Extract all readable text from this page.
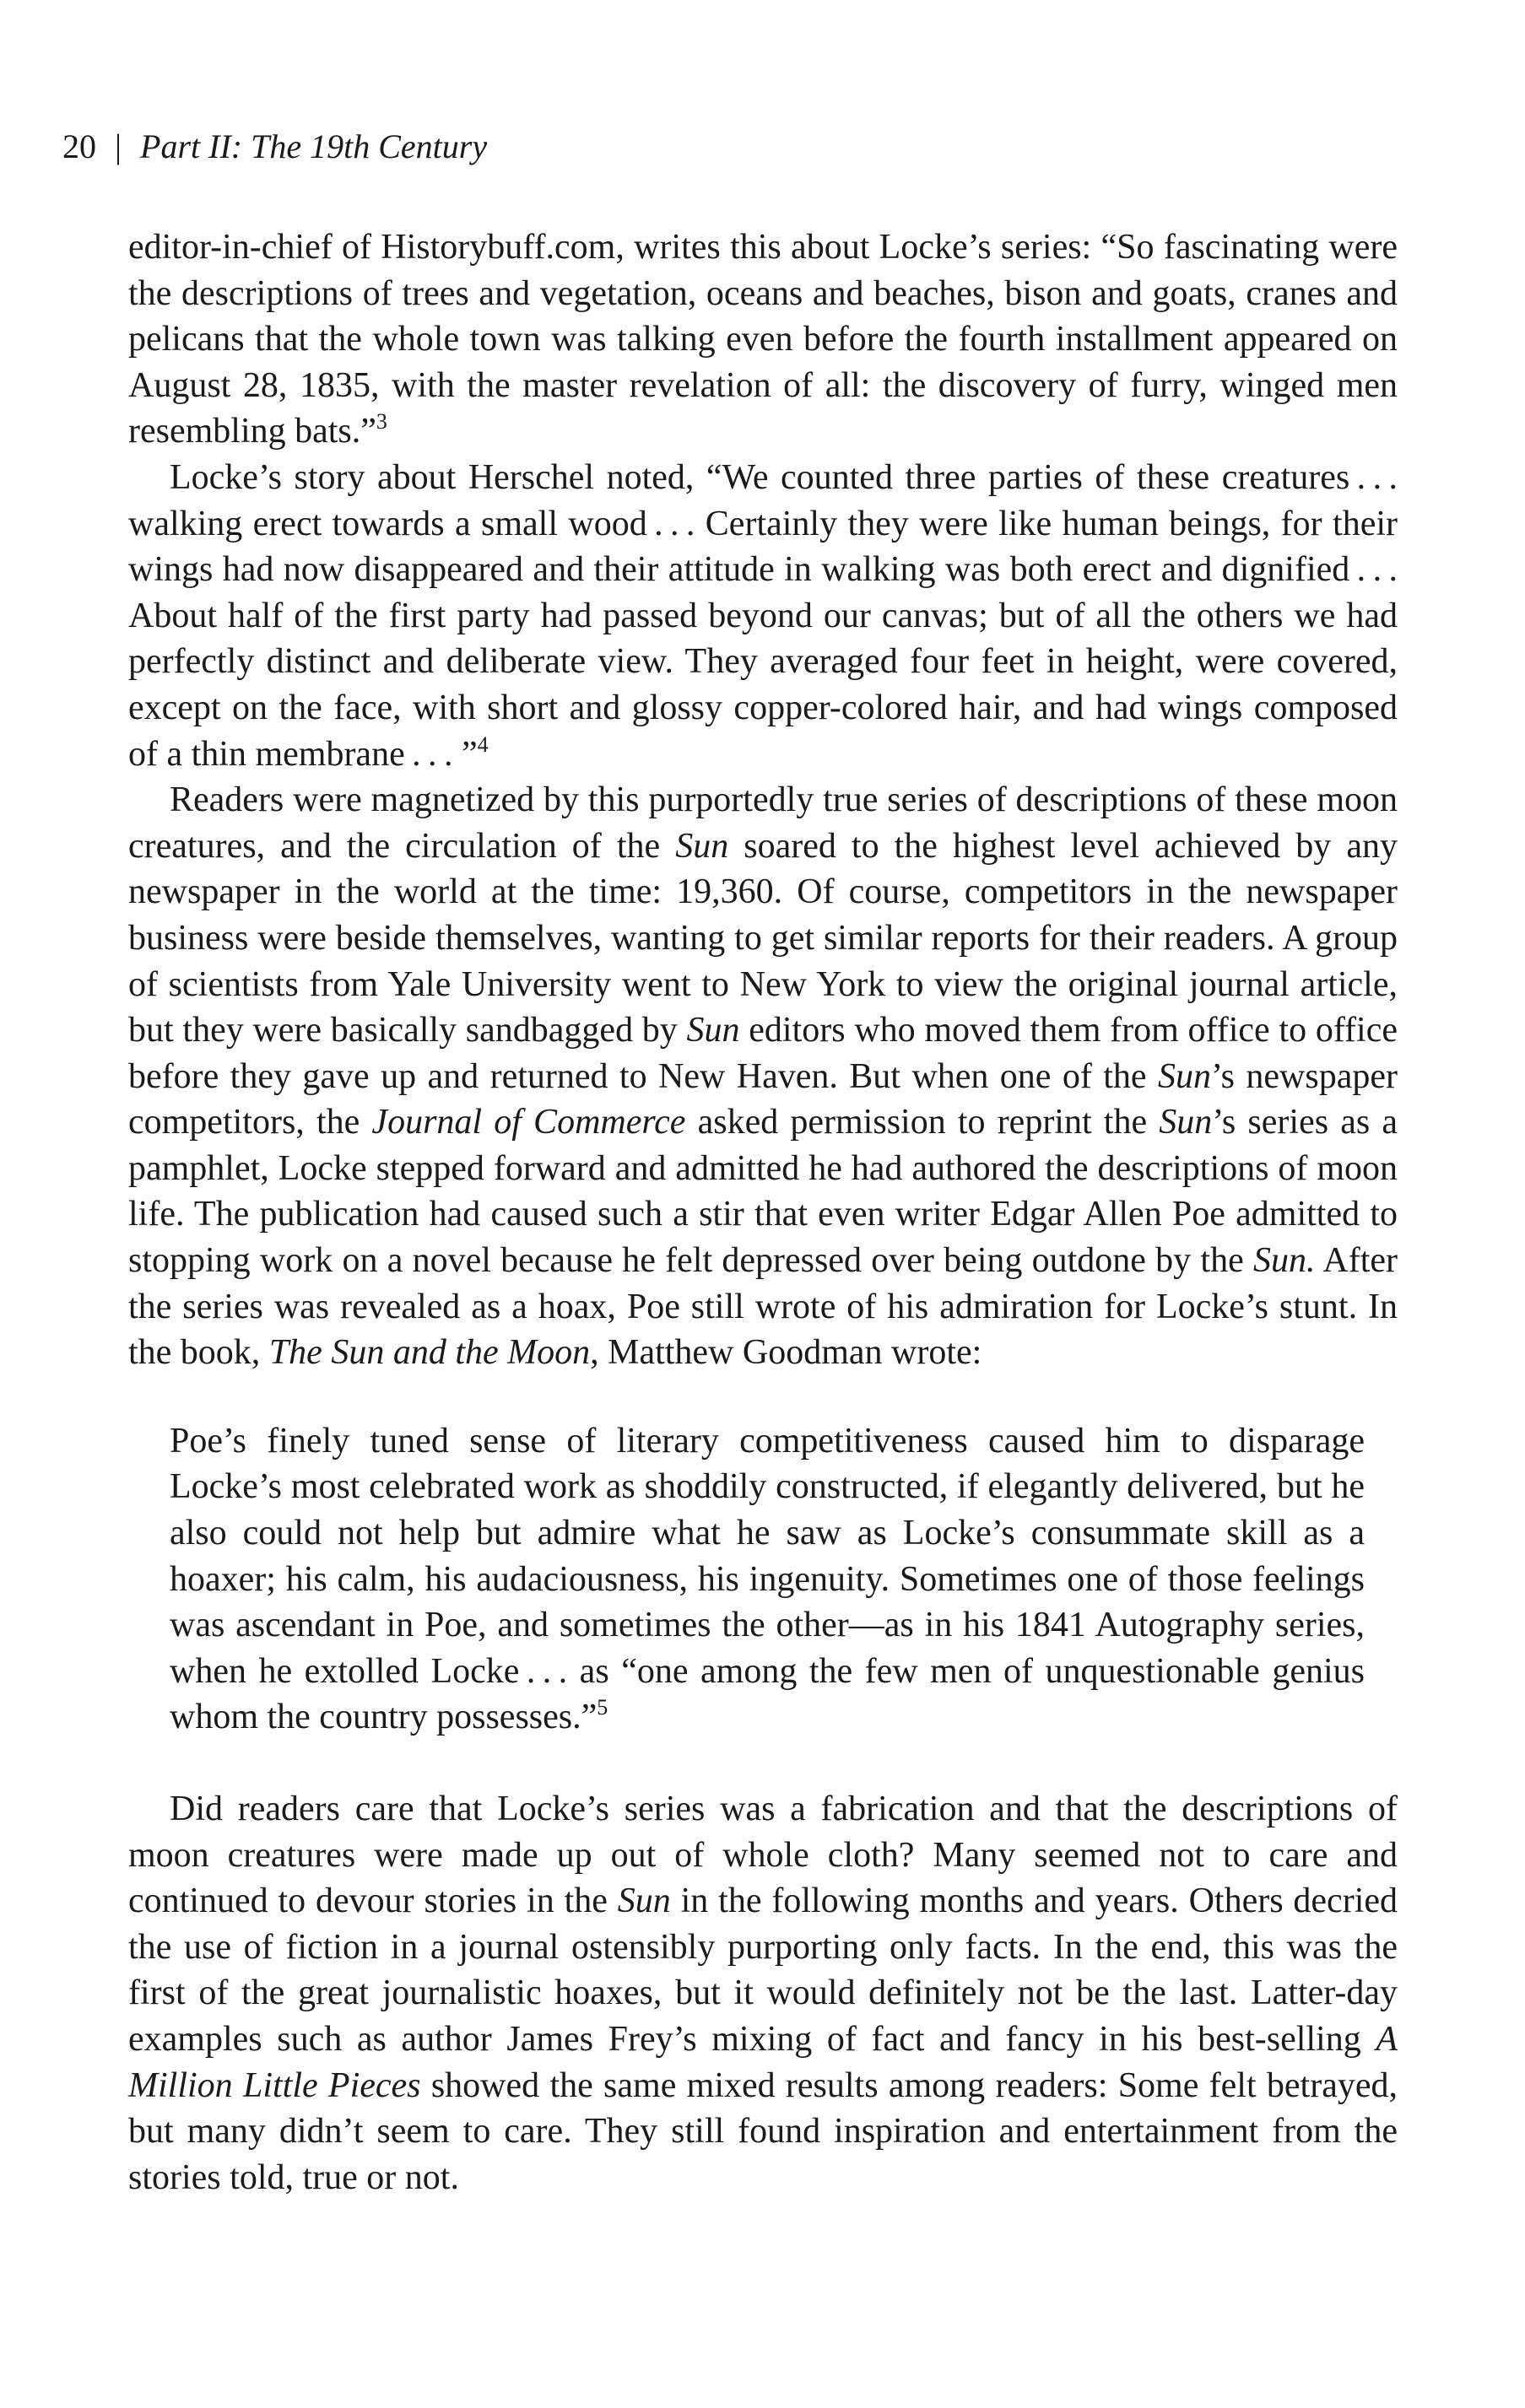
20 | Part II: The 19th Century

editor-in-chief of Historybuff.com, writes this about Locke’s series: “So fascinating were the descriptions of trees and vegetation, oceans and beaches, bison and goats, cranes and pelicans that the whole town was talking even before the fourth installment appeared on August 28, 1835, with the master revelation of all: the discovery of furry, winged men resembling bats.”$^3$

Locke’s story about Herschel noted, “We counted three parties of these creatures . . . walking erect towards a small wood . . . Certainly they were like human beings, for their wings had now disappeared and their attitude in walking was both erect and dignified . . . About half of the first party had passed beyond our canvas; but of all the others we had perfectly distinct and deliberate view. They averaged four feet in height, were covered, except on the face, with short and glossy copper-colored hair, and had wings composed of a thin membrane . . . ”$^4$

Readers were magnetized by this purportedly true series of descriptions of these moon creatures, and the circulation of the Sun soared to the highest level achieved by any newspaper in the world at the time: 19,360. Of course, competitors in the newspaper business were beside themselves, wanting to get similar reports for their readers. A group of scientists from Yale University went to New York to view the original journal article, but they were basically sandbagged by Sun editors who moved them from office to office before they gave up and returned to New Haven. But when one of the Sun’s newspaper competitors, the Journal of Commerce asked permission to reprint the Sun’s series as a pamphlet, Locke stepped forward and admitted he had authored the descriptions of moon life. The publication had caused such a stir that even writer Edgar Allen Poe admitted to stopping work on a novel because he felt depressed over being outdone by the Sun. After the series was revealed as a hoax, Poe still wrote of his admiration for Locke’s stunt. In the book, The Sun and the Moon, Matthew Goodman wrote:

Poe’s finely tuned sense of literary competitiveness caused him to disparage Locke’s most celebrated work as shoddily constructed, if elegantly delivered, but he also could not help but admire what he saw as Locke’s consummate skill as a hoaxer; his calm, his audaciousness, his ingenuity. Sometimes one of those feelings was ascendant in Poe, and sometimes the other—as in his 1841 Autography series, when he extolled Locke . . . as “one among the few men of unquestionable genius whom the country possesses.”$^5$

Did readers care that Locke’s series was a fabrication and that the descriptions of moon creatures were made up out of whole cloth? Many seemed not to care and continued to devour stories in the Sun in the following months and years. Others decried the use of fiction in a journal ostensibly purporting only facts. In the end, this was the first of the great journalistic hoaxes, but it would definitely not be the last. Latter-day examples such as author James Frey’s mixing of fact and fancy in his best-selling A Million Little Pieces showed the same mixed results among readers: Some felt betrayed, but many didn’t seem to care. They still found inspiration and entertainment from the stories told, true or not.
